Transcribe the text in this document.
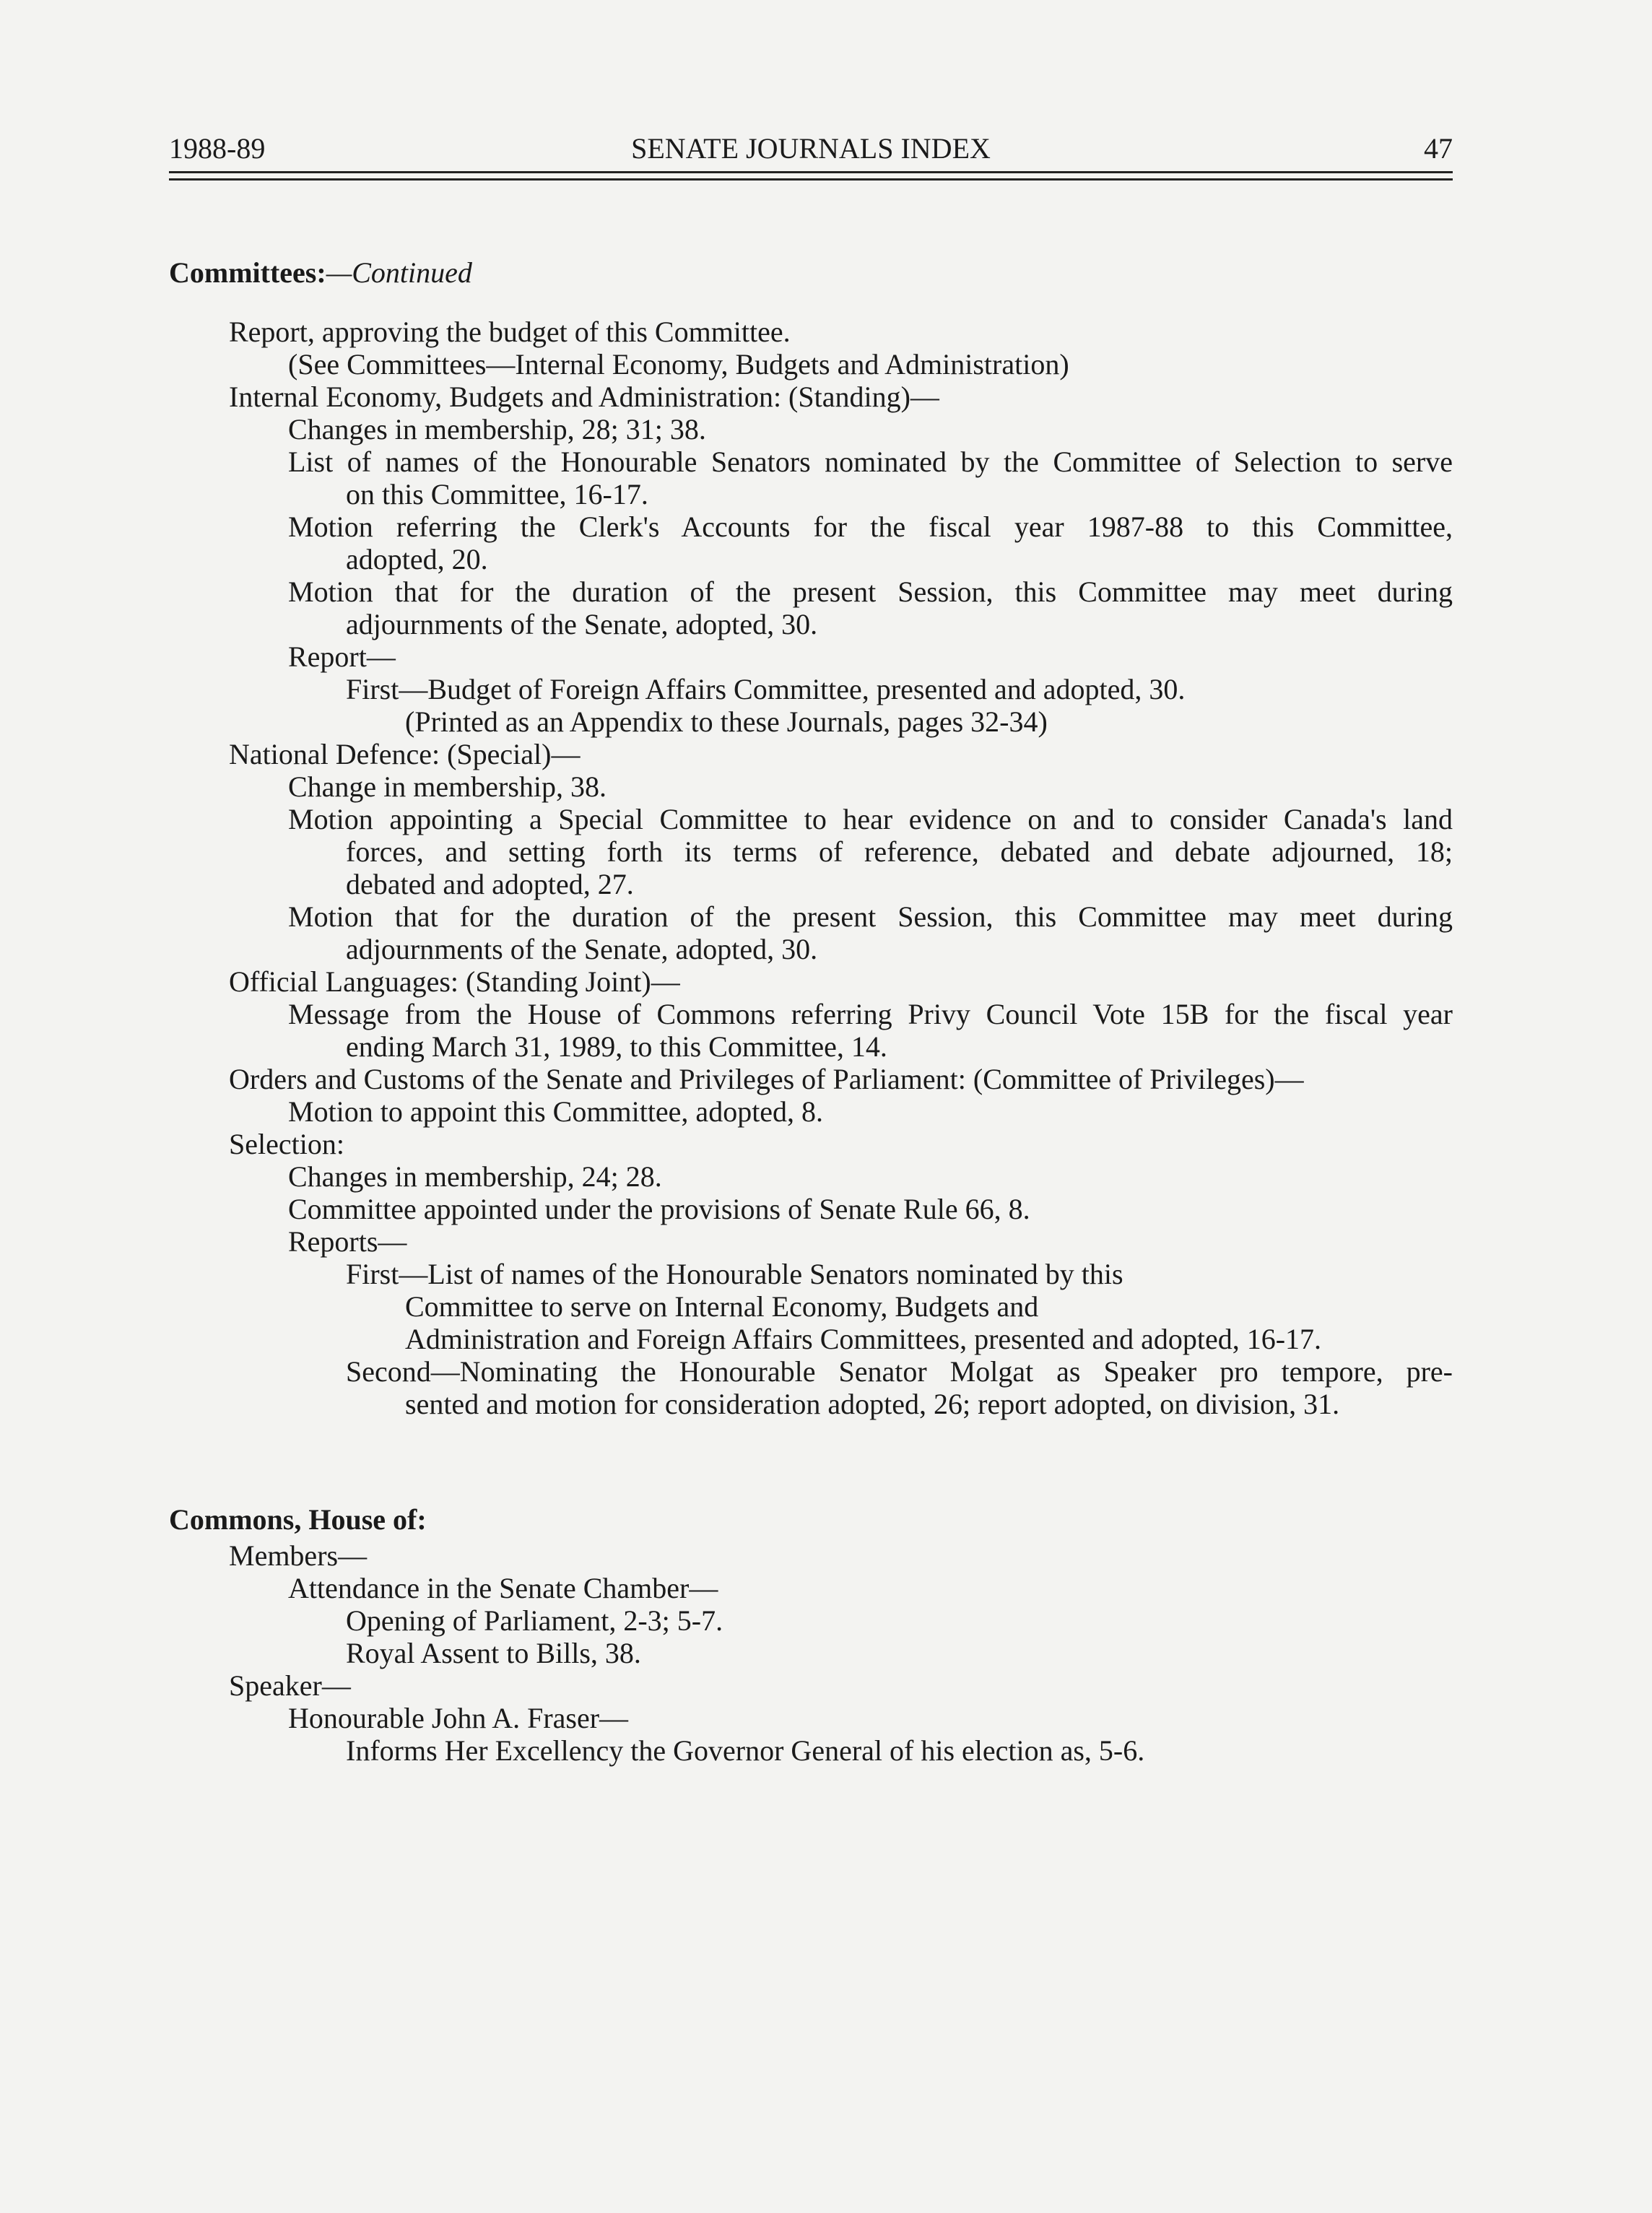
1988-89	SENATE JOURNALS INDEX	47
Committees:—Continued
Report, approving the budget of this Committee.
(See Committees—Internal Economy, Budgets and Administration)
Internal Economy, Budgets and Administration: (Standing)—
Changes in membership, 28; 31; 38.
List of names of the Honourable Senators nominated by the Committee of Selection to serve
on this Committee, 16-17.
Motion referring the Clerk's Accounts for the fiscal year 1987-88 to this Committee,
adopted, 20.
Motion that for the duration of the present Session, this Committee may meet during
adjournments of the Senate, adopted, 30.
Report—
First—Budget of Foreign Affairs Committee, presented and adopted, 30.
(Printed as an Appendix to these Journals, pages 32-34)
National Defence: (Special)—
Change in membership, 38.
Motion appointing a Special Committee to hear evidence on and to consider Canada's land
forces, and setting forth its terms of reference, debated and debate adjourned, 18;
debated and adopted, 27.
Motion that for the duration of the present Session, this Committee may meet during
adjournments of the Senate, adopted, 30.
Official Languages: (Standing Joint)—
Message from the House of Commons referring Privy Council Vote 15B for the fiscal year
ending March 31, 1989, to this Committee, 14.
Orders and Customs of the Senate and Privileges of Parliament: (Committee of Privileges)—
Motion to appoint this Committee, adopted, 8.
Selection:
Changes in membership, 24; 28.
Committee appointed under the provisions of Senate Rule 66, 8.
Reports—
First—List of names of the Honourable Senators nominated by this
Committee to serve on Internal Economy, Budgets and
Administration and Foreign Affairs Committees, presented and adopted, 16-17.
Second—Nominating the Honourable Senator Molgat as Speaker pro tempore, pre-
sented and motion for consideration adopted, 26; report adopted, on division, 31.
Commons, House of:
Members—
Attendance in the Senate Chamber—
Opening of Parliament, 2-3; 5-7.
Royal Assent to Bills, 38.
Speaker—
Honourable John A. Fraser—
Informs Her Excellency the Governor General of his election as, 5-6.
